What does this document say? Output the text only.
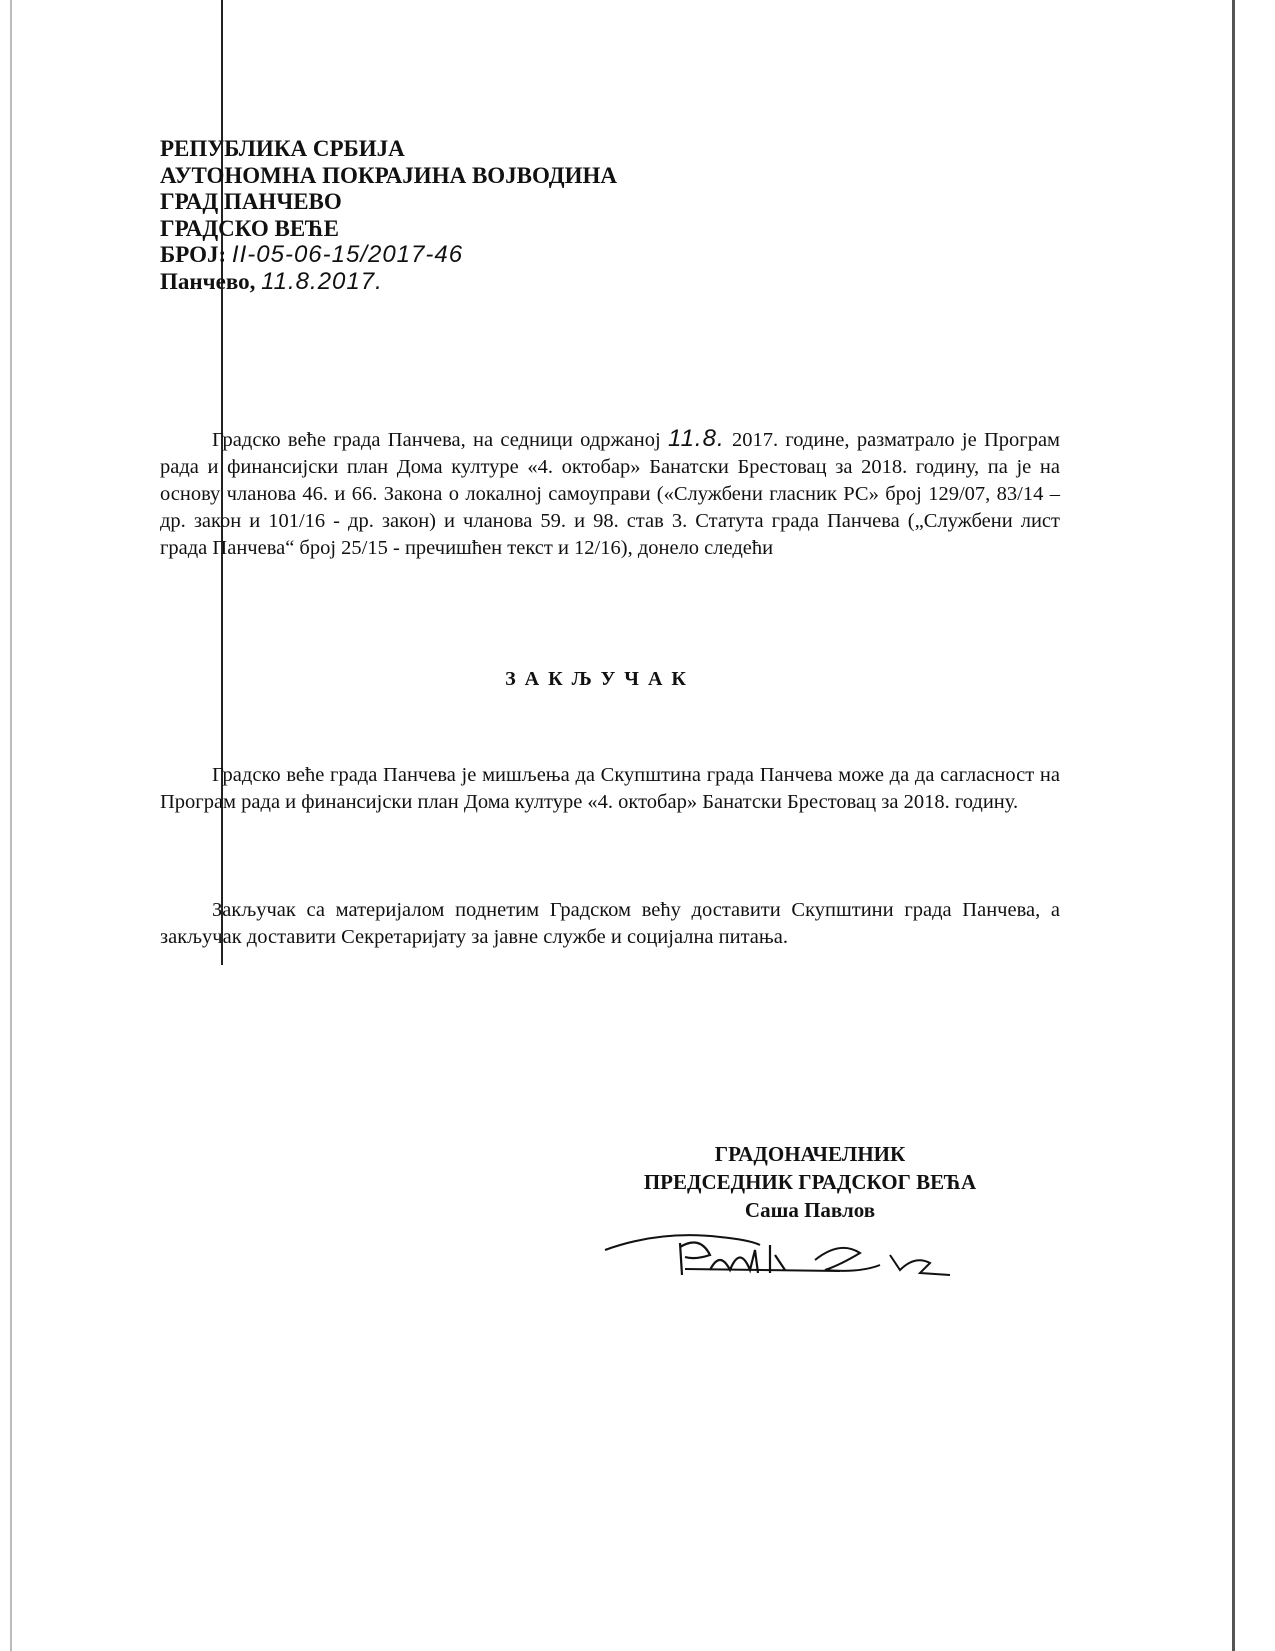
РЕПУБЛИКА СРБИЈА
АУТОНОМНА ПОКРАЈИНА ВОЈВОДИНА
ГРАД ПАНЧЕВО
ГРАДСКО ВЕЋЕ
БРОЈ: II-05-06-15/2017-46
Панчево, 11.8.2017.
Градско веће града Панчева, на седници одржаној 11.8. 2017. године, разматрало је Програм рада и финансијски план Дома културе «4. октобар» Банатски Брестовац за 2018. годину, па је на основу чланова 46. и 66. Закона о локалној самоуправи («Службени гласник РС» број 129/07, 83/14 – др. закон и 101/16 - др. закон) и чланова 59. и 98. став 3. Статута града Панчева („Службени лист града Панчева“ број 25/15 - пречишћен текст и 12/16), донело следећи
ЗАКЉУЧАК
Градско веће града Панчева је мишљења да Скупштина града Панчева може да да сагласност на Програм рада и финансијски план Дома културе «4. октобар» Банатски Брестовац за 2018. годину.
Закључак са материјалом поднетим Градском већу доставити Скупштини града Панчева, а закључак доставити Секретаријату за јавне службе и социјална питања.
ГРАДОНАЧЕЛНИК
ПРЕДСЕДНИК ГРАДСКОГ ВЕЋА
Саша Павлов
